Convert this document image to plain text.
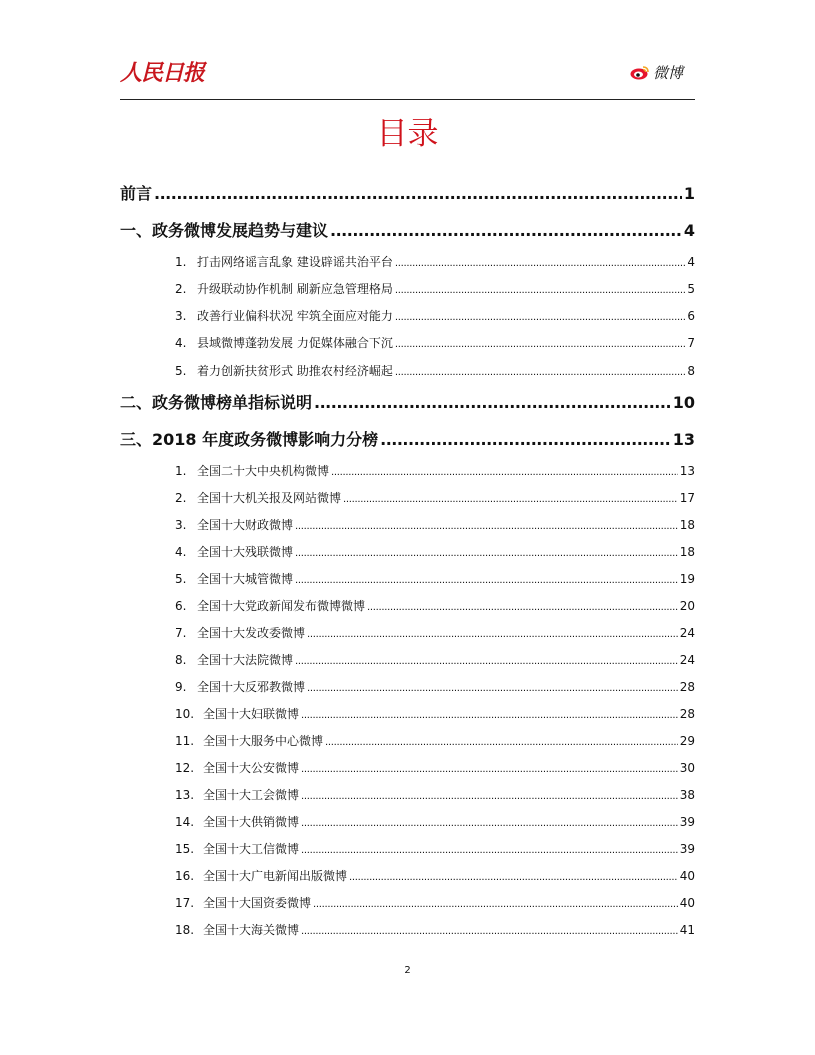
人民日报	微博
目录
前言 .....	1
一、政务微博发展趋势与建议 .....	4
1. 打击网络谣言乱象 建设辟谣共治平台 .....	4
2. 升级联动协作机制 刷新应急管理格局 .....	5
3. 改善行业偏科状况 牢筑全面应对能力 .....	6
4. 县域微博蓬勃发展 力促媒体融合下沉 .....	7
5. 着力创新扶贫形式 助推农村经济崛起 .....	8
二、政务微博榜单指标说明 .....	10
三、2018 年度政务微博影响力分榜 .....	13
1. 全国二十大中央机构微博 .....	13
2. 全国十大机关报及网站微博 .....	17
3. 全国十大财政微博 .....	18
4. 全国十大残联微博 .....	18
5. 全国十大城管微博 .....	19
6. 全国十大党政新闻发布微博微博 .....	20
7. 全国十大发改委微博 .....	24
8. 全国十大法院微博 .....	24
9. 全国十大反邪教微博 .....	28
10. 全国十大妇联微博 .....	28
11. 全国十大服务中心微博 .....	29
12. 全国十大公安微博 .....	30
13. 全国十大工会微博 .....	38
14. 全国十大供销微博 .....	39
15. 全国十大工信微博 .....	39
16. 全国十大广电新闻出版微博 .....	40
17. 全国十大国资委微博 .....	40
18. 全国十大海关微博 .....	41
2
